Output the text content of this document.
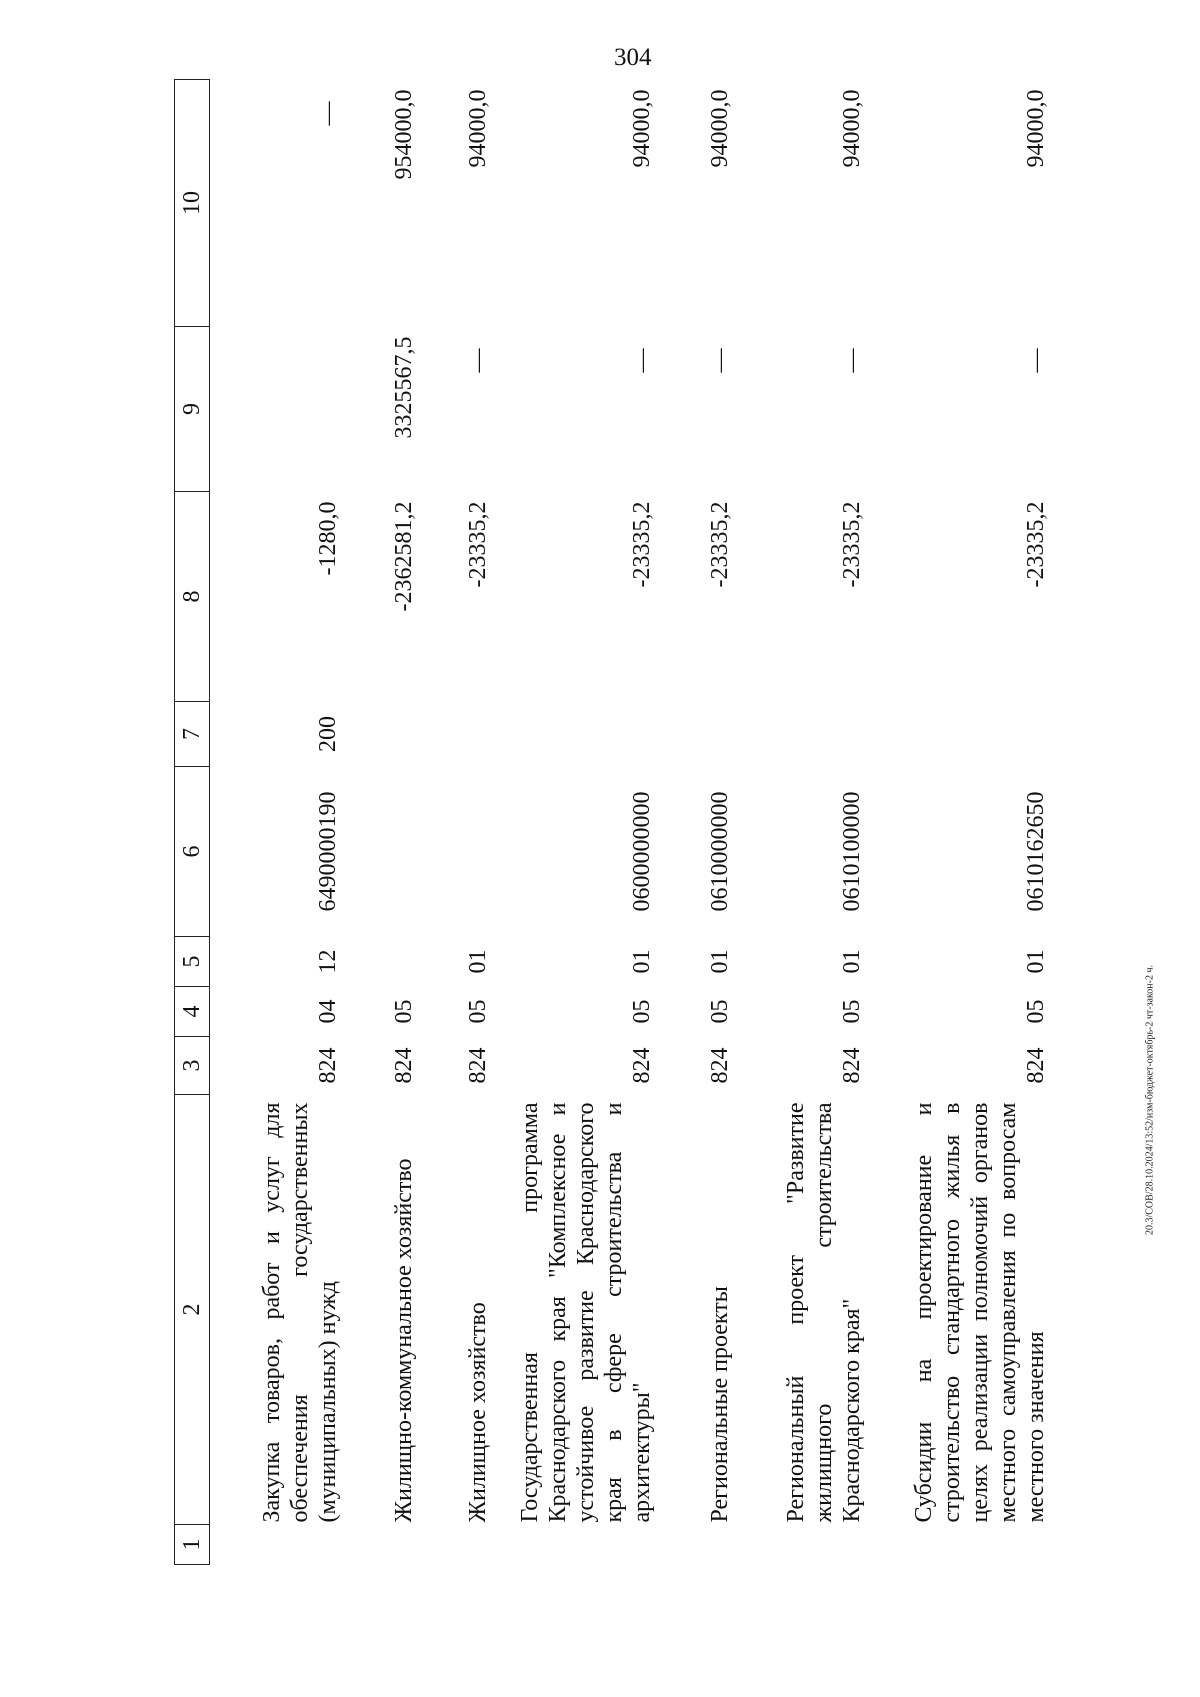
304
20.3/СОВ/28.10.2024/13:52/изм-бюджет-октябрь-2 чт-закон-2 ч.
1	2	3	4	5	6	7	8	9	10
	Закупка товаров, работ и услуг для обеспечения государственных (муниципальных) нужд	824	04	12	6490000190	200	-1280,0		—
	Жилищно-коммунальное хозяйство	824	05				-2362581,2	3325567,5	954000,0
	Жилищное хозяйство	824	05	01			-23335,2	—	94000,0
	Государственная программа Краснодарского края "Комплексное и устойчивое развитие Краснодарского края в сфере строительства и архитектуры"	824	05	01	0600000000		-23335,2	—	94000,0
	Региональные проекты	824	05	01	0610000000		-23335,2	—	94000,0
	Региональный проект "Развитие жилищного строительства Краснодарского края"	824	05	01	0610100000		-23335,2	—	94000,0
	Субсидии на проектирование и строительство стандартного жилья в целях реализации полномочий органов местного самоуправления по вопросам местного значения	824	05	01	0610162650		-23335,2	—	94000,0
